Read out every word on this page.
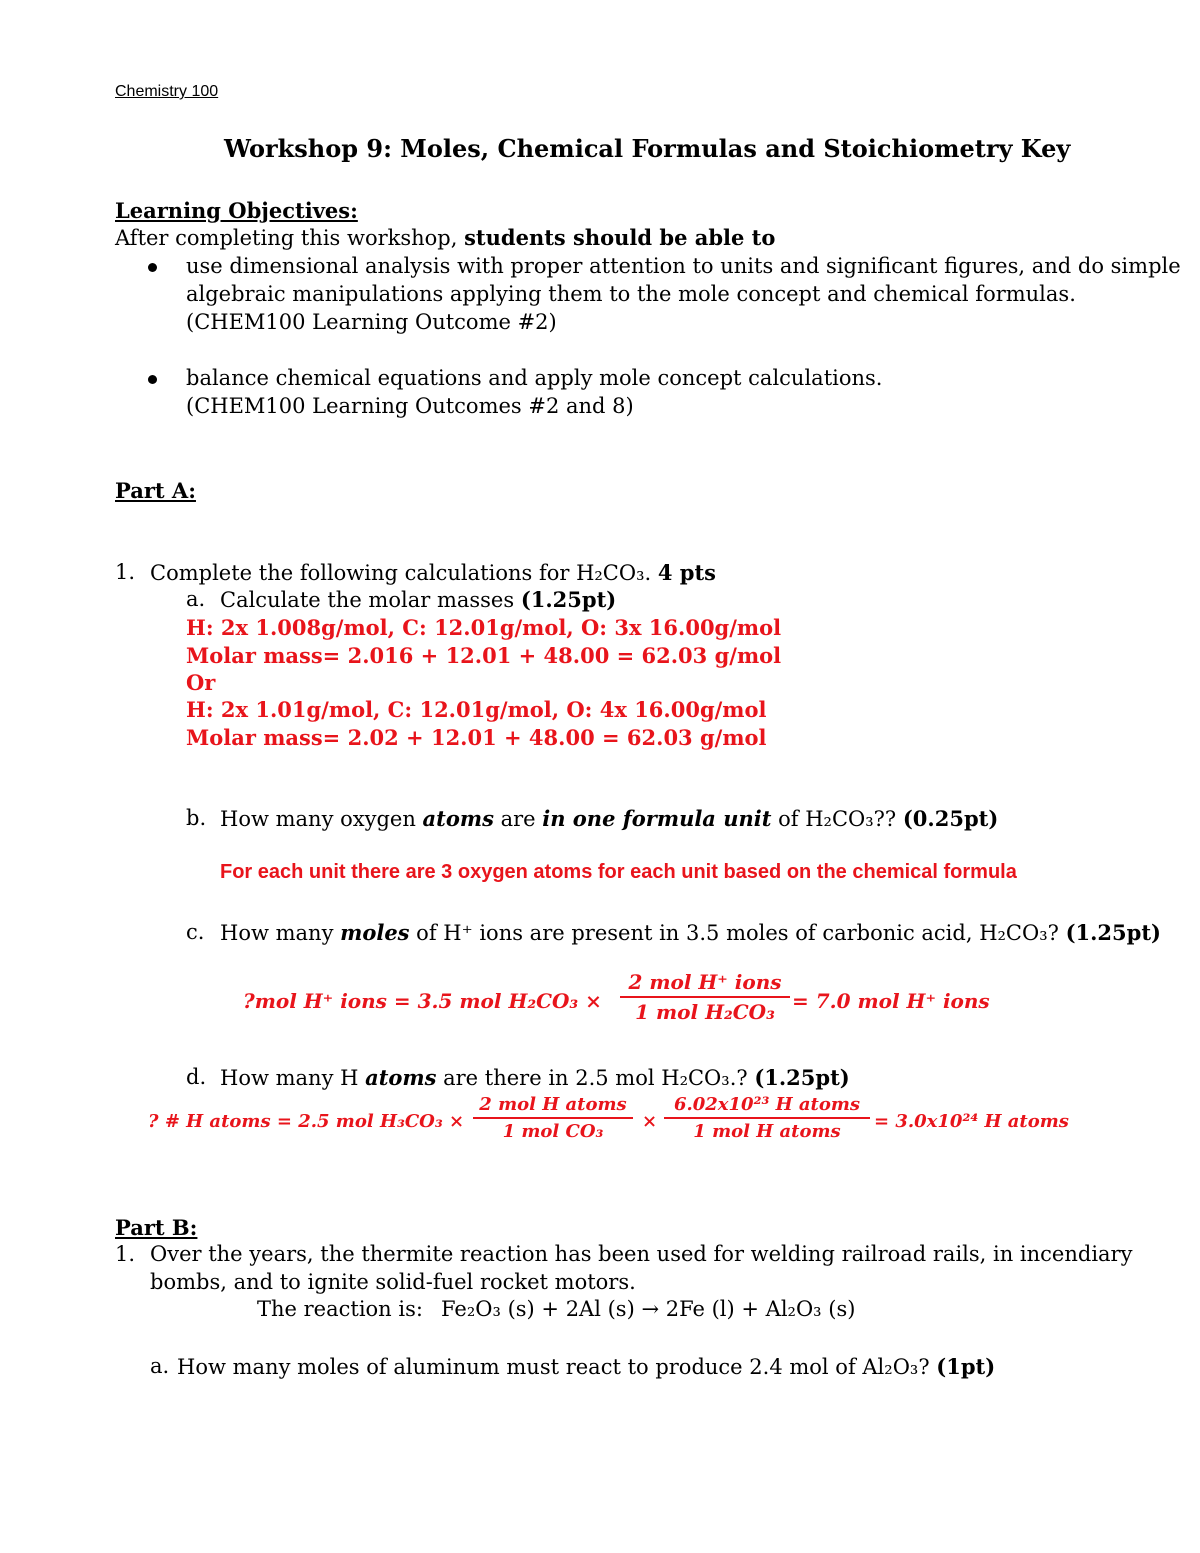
Chemistry 100
Workshop 9: Moles, Chemical Formulas and Stoichiometry Key
Learning Objectives:
After completing this workshop, students should be able to
use dimensional analysis with proper attention to units and significant figures, and do simple
algebraic manipulations applying them to the mole concept and chemical formulas.
(CHEM100 Learning Outcome #2)
balance chemical equations and apply mole concept calculations.
(CHEM100 Learning Outcomes #2 and 8)
Part A:
1. Complete the following calculations for H₂CO₃. 4 pts
a. Calculate the molar masses (1.25pt)
H: 2x 1.008g/mol, C: 12.01g/mol, O: 3x 16.00g/mol
Molar mass= 2.016 + 12.01 + 48.00 = 62.03 g/mol
Or
H: 2x 1.01g/mol, C: 12.01g/mol, O: 4x 16.00g/mol
Molar mass= 2.02 + 12.01 + 48.00 = 62.03 g/mol
b. How many oxygen atoms are in one formula unit of H₂CO₃?? (0.25pt)
For each unit there are 3 oxygen atoms for each unit based on the chemical formula
c. How many moles of H⁺ ions are present in 3.5 moles of carbonic acid, H₂CO₃? (1.25pt)
?mol H⁺ ions = 3.5 mol H₂CO₃ ×
2 mol H⁺ ions
1 mol H₂CO₃ = 7.0 mol H⁺ ions
d. How many H atoms are there in 2.5 mol H₂CO₃.? (1.25pt)
? # H atoms = 2.5 mol H₃CO₃ ×
2 mol H atoms
1 mol CO₃	×
6.02x10²³ H atoms
1 mol H atoms	= 3.0x10²⁴ H atoms
Part B:
1. Over the years, the thermite reaction has been used for welding railroad rails, in incendiary
bombs, and to ignite solid-fuel rocket motors.
The reaction is: Fe₂O₃ (s) + 2Al (s) → 2Fe (l) + Al₂O₃ (s)
a. How many moles of aluminum must react to produce 2.4 mol of Al₂O₃? (1pt)
